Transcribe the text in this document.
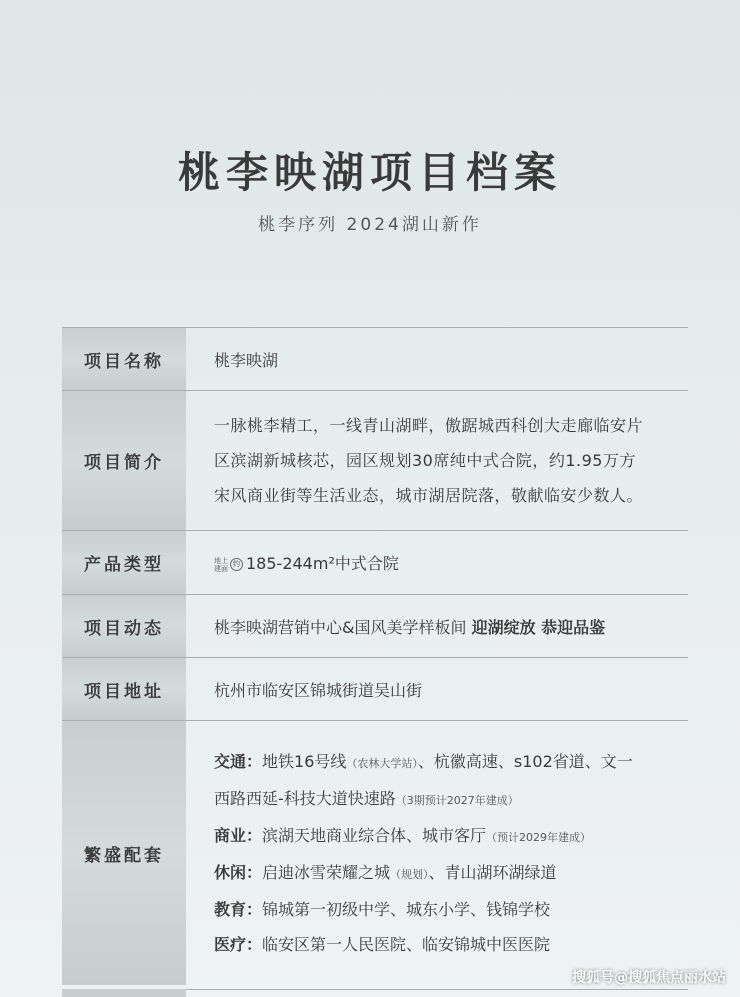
桃李映湖项目档案
桃李序列 2024湖山新作
项目名称	桃李映湖
项目简介

一脉桃李精工，一线青山湖畔，傲踞城西科创大走廊临安片

区滨湖新城核芯，园区规划30席纯中式合院，约1.95万方

宋风商业街等生活业态，城市湖居院落，敬献临安少数人。

产品类型	地上
建面约 185-244m²中式合院
项目动态	桃李映湖营销中心&国风美学样板间 迎湖绽放 恭迎品鉴
项目地址	杭州市临安区锦城街道吴山街
繁盛配套
交通：地铁16号线（农林大学站）、杭徽高速、s102省道、文一
西路西延-科技大道快速路（3期预计2027年建成）
商业：滨湖天地商业综合体、城市客厅（预计2029年建成）
休闲：启迪冰雪荣耀之城（规划）、青山湖环湖绿道
教育：锦城第一初级中学、城东小学、钱锦学校
医疗：临安区第一人民医院、临安锦城中医医院
搜狐号@搜狐焦点丽水站
